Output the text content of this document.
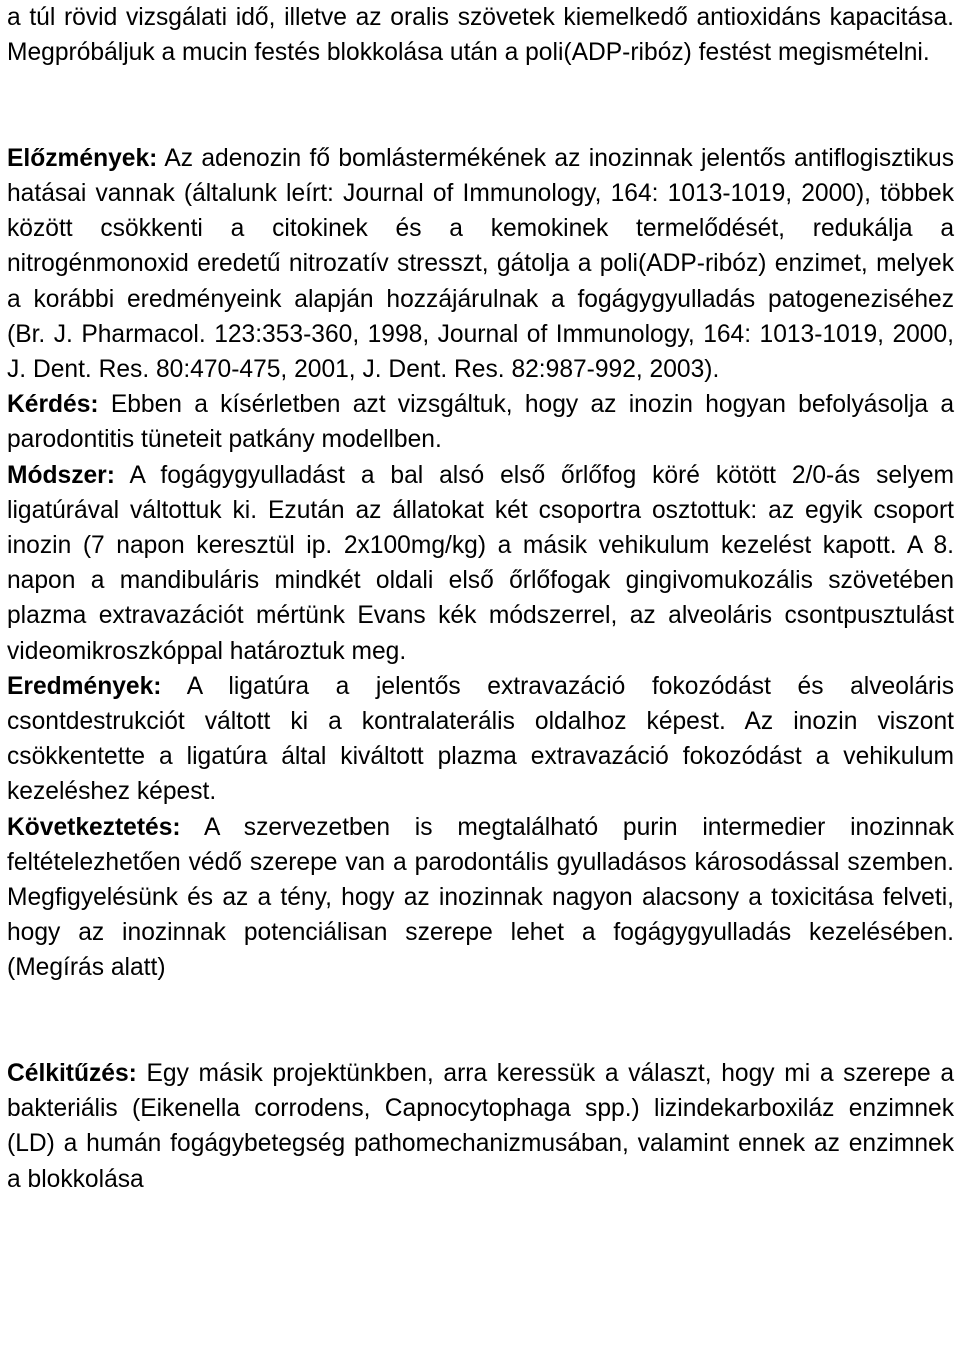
a túl rövid vizsgálati idő, illetve az oralis szövetek kiemelkedő antioxidáns kapacitása. Megpróbáljuk a mucin festés blokkolása után a poli(ADP-ribóz) festést megismételni.

Előzmények: Az adenozin fő bomlástermékének az inozinnak jelentős antiflogisztikus hatásai vannak (általunk leírt: Journal of Immunology, 164: 1013-1019, 2000), többek között csökkenti a citokinek és a kemokinek termelődését, redukálja a nitrogénmonoxid eredetű nitrozatív stresszt, gátolja a poli(ADP-ribóz) enzimet, melyek a korábbi eredményeink alapján hozzájárulnak a fogágygyulladás patogeneziséhez (Br. J. Pharmacol. 123:353-360, 1998, Journal of Immunology, 164: 1013-1019, 2000, J. Dent. Res. 80:470-475, 2001, J. Dent. Res. 82:987-992, 2003).

Kérdés: Ebben a kísérletben azt vizsgáltuk, hogy az inozin hogyan befolyásolja a parodontitis tüneteit patkány modellben.

Módszer: A fogágygyulladást a bal alsó első őrlőfog köré kötött 2/0-ás selyem ligatúrával váltottuk ki. Ezután az állatokat két csoportra osztottuk: az egyik csoport inozin (7 napon keresztül ip. 2x100mg/kg) a másik vehikulum kezelést kapott. A 8. napon a mandibuláris mindkét oldali első őrlőfogak gingivomukozális szövetében plazma extravazációt mértünk Evans kék módszerrel, az alveoláris csontpusztulást videomikroszkóppal határoztuk meg.

Eredmények: A ligatúra a jelentős extravazáció fokozódást és alveoláris csontdestrukciót váltott ki a kontralaterális oldalhoz képest. Az inozin viszont csökkentette a ligatúra által kiváltott plazma extravazáció fokozódást a vehikulum kezeléshez képest.

Következtetés: A szervezetben is megtalálható purin intermedier inozinnak feltételezhetően védő szerepe van a parodontális gyulladásos károsodással szemben. Megfigyelésünk és az a tény, hogy az inozinnak nagyon alacsony a toxicitása felveti, hogy az inozinnak potenciálisan szerepe lehet a fogágygyulladás kezelésében. (Megírás alatt)

Célkitűzés: Egy másik projektünkben, arra keressük a választ, hogy mi a szerepe a bakteriális (Eikenella corrodens, Capnocytophaga spp.) lizindekarboxiláz enzimnek (LD) a humán fogágybetegség pathomechanizmusában, valamint ennek az enzimnek a blokkolása
